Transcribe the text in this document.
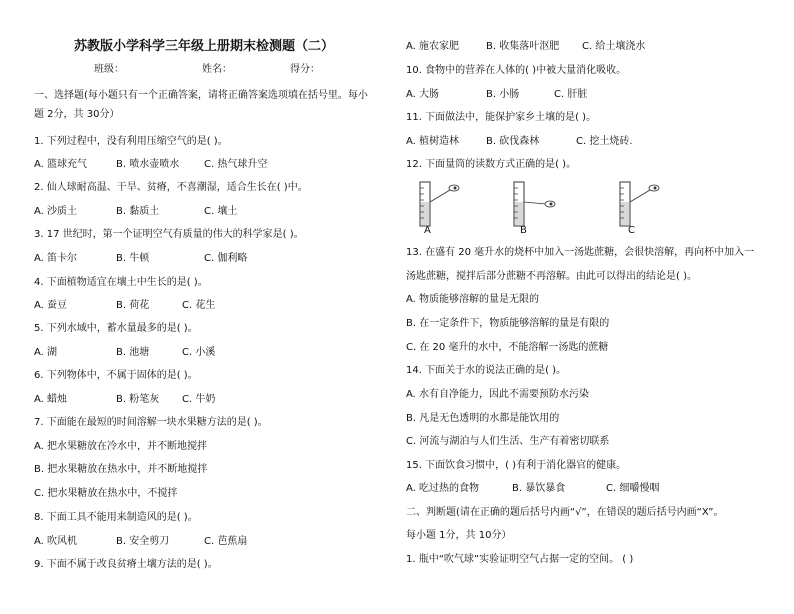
苏教版小学科学三年级上册期末检测题（二）
班级：	姓名：	得分：
一、选择题(每小题只有一个正确答案，请将正确答案选项填在括号里。每小
题 2分，共 30分）
1. 下列过程中，没有利用压缩空气的是( )。
A. 篮球充气	B. 喷水壶喷水 C. 热气球升空
2. 仙人球耐高温、干旱、贫瘠，不喜潮湿，适合生长在( )中。
A. 沙质土	B. 黏质土	C. 壤土
3. 17 世纪时，第一个证明空气有质量的伟大的科学家是( )。
A. 笛卡尔	B. 牛顿	C. 伽利略
4. 下面植物适宜在壤土中生长的是( )。
A. 蚕豆	B. 荷花	C. 花生
5. 下列水域中，蓄水量最多的是( )。
A. 湖	B. 池塘	C. 小溪
6. 下列物体中，不属于固体的是( )。
A. 蜡烛	B. 粉笔灰 C. 牛奶
7. 下面能在最短的时间溶解一块水果糖方法的是( )。
A. 把水果糖放在冷水中，并不断地搅拌
B. 把水果糖放在热水中，并不断地搅拌
C. 把水果糖放在热水中，不搅拌
8. 下面工具不能用来制造风的是( )。
A. 吹风机	B. 安全剪刀	C. 芭蕉扇
9. 下面不属于改良贫瘠土壤方法的是( )。
A. 施农家肥	B. 收集落叶沤肥 C. 给土壤浇水
10. 食物中的营养在人体的( )中被大量消化吸收。
A. 大肠	B. 小肠	C. 肝脏
11. 下面做法中，能保护家乡土壤的是( )。
A. 植树造林	B. 砍伐森林	C. 挖土烧砖.
12. 下面量筒的读数方式正确的是( )。
A	B	C
13. 在盛有 20 毫升水的烧杯中加入一汤匙蔗糖，会很快溶解，再向杯中加入一
汤匙蔗糖，搅拌后部分蔗糖不再溶解。由此可以得出的结论是( )。
A. 物质能够溶解的量是无限的
B. 在一定条件下，物质能够溶解的量是有限的
C. 在 20 毫升的水中，不能溶解一汤匙的蔗糖
14. 下面关于水的说法正确的是( )。
A. 水有自净能力，因此不需要预防水污染
B. 凡是无色透明的水都是能饮用的
C. 河流与湖泊与人们生活、生产有着密切联系
15. 下面饮食习惯中，( )有利于消化器官的健康。
A. 吃过热的食物	B. 暴饮暴食	C. 细嚼慢咽
二、判断题(请在正确的题后括号内画“√”，在错误的题后括号内画“X”。
每小题 1分，共 10分）
1. 瓶中“吹气球”实验证明空气占据一定的空间。 ( )
